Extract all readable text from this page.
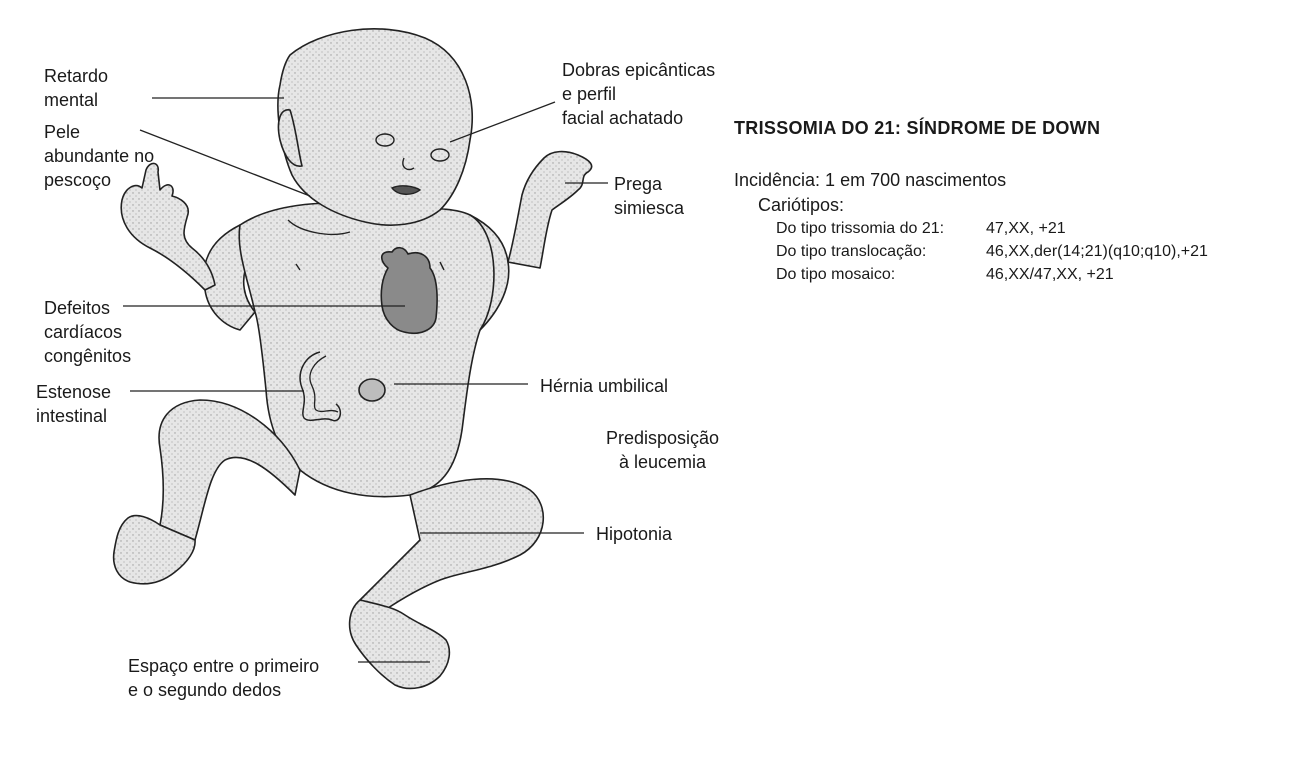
Retardo
mental
Pele
abundante no
pescoço
Defeitos
cardíacos
congênitos
Estenose
intestinal
Espaço entre o primeiro
e o segundo dedos
Dobras epicânticas
e perfil
facial achatado
Prega
simiesca
Hérnia umbilical
Predisposição
à leucemia
Hipotonia
TRISSOMIA DO 21: SÍNDROME DE DOWN
Incidência: 1 em 700 nascimentos
Cariótipos:
Do tipo trissomia do 21:	47,XX, +21
Do tipo translocação:	46,XX,der(14;21)(q10;q10),+21
Do tipo mosaico:	46,XX/47,XX, +21
